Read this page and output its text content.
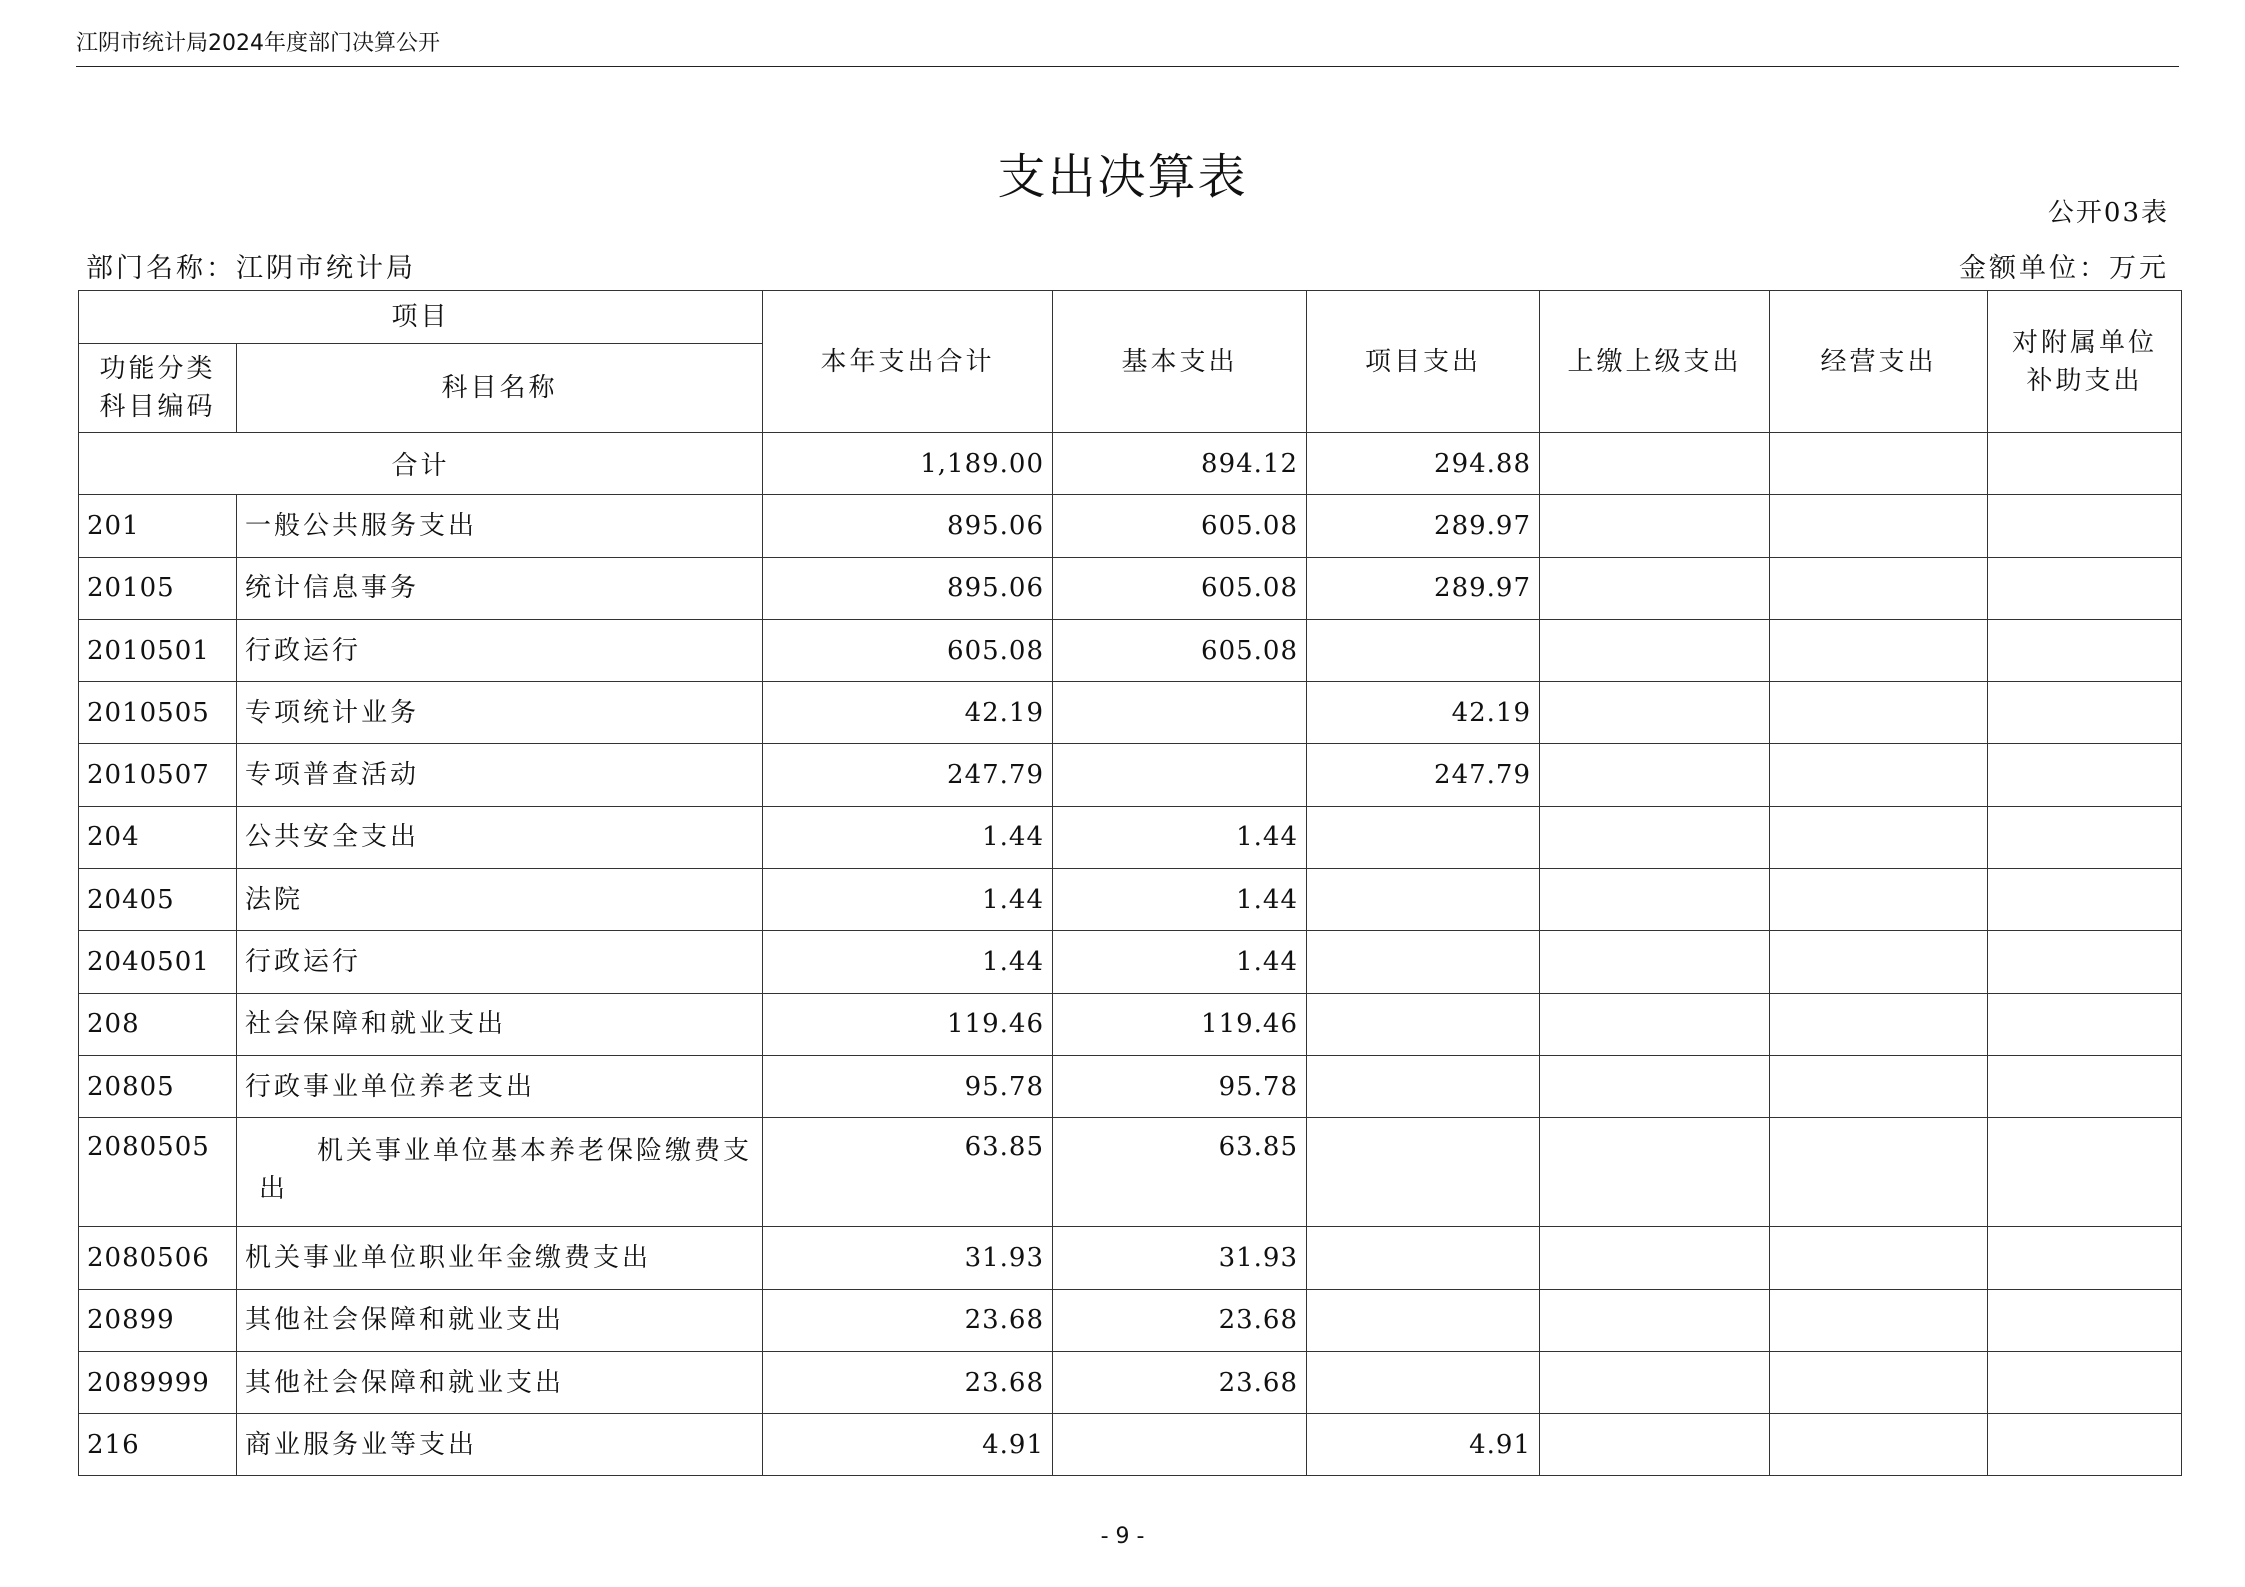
江阴市统计局2024年度部门决算公开
支出决算表
公开03表
部门名称：江阴市统计局	金额单位：万元
项目		本年支出合计	基本支出	项目支出	上缴上级支出	经营支出	对附属单位补助支出
功能分类科目编码	科目名称						
合计		1,189.00	894.12	294.88			
201	一般公共服务支出	895.06	605.08	289.97			
20105	统计信息事务	895.06	605.08	289.97			
2010501	行政运行	605.08	605.08				
2010505	专项统计业务	42.19		42.19			
2010507	专项普查活动	247.79		247.79			
204	公共安全支出	1.44	1.44				
20405	法院	1.44	1.44				
2040501	行政运行	1.44	1.44				
208	社会保障和就业支出	119.46	119.46				
20805	行政事业单位养老支出	95.78	95.78				
2080505	机关事业单位基本养老保险缴费支出	63.85	63.85				
2080506	机关事业单位职业年金缴费支出	31.93	31.93				
20899	其他社会保障和就业支出	23.68	23.68				
2089999	其他社会保障和就业支出	23.68	23.68				
216	商业服务业等支出	4.91		4.91			
- 9 -
